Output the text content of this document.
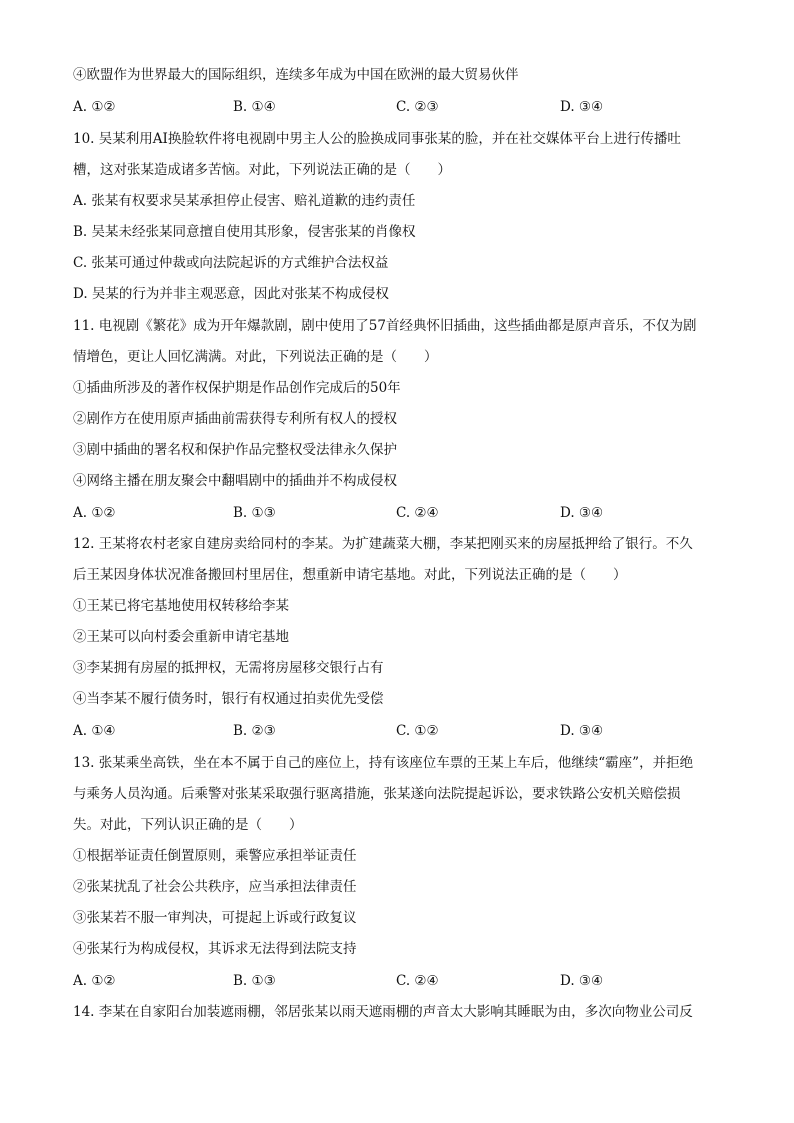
④欧盟作为世界最大的国际组织，连续多年成为中国在欧洲的最大贸易伙伴
A. ①②	B. ①④	C. ②③	D. ③④
10. 吴某利用AI换脸软件将电视剧中男主人公的脸换成同事张某的脸，并在社交媒体平台上进行传播吐
槽，这对张某造成诸多苦恼。对此，下列说法正确的是（　　）
A. 张某有权要求吴某承担停止侵害、赔礼道歉的违约责任
B. 吴某未经张某同意擅自使用其形象，侵害张某的肖像权
C. 张某可通过仲裁或向法院起诉的方式维护合法权益
D. 吴某的行为并非主观恶意，因此对张某不构成侵权
11. 电视剧《繁花》成为开年爆款剧，剧中使用了57首经典怀旧插曲，这些插曲都是原声音乐，不仅为剧
情增色，更让人回忆满满。对此，下列说法正确的是（　　）
①插曲所涉及的著作权保护期是作品创作完成后的50年
②剧作方在使用原声插曲前需获得专利所有权人的授权
③剧中插曲的署名权和保护作品完整权受法律永久保护
④网络主播在朋友聚会中翻唱剧中的插曲并不构成侵权
A. ①②	B. ①③	C. ②④	D. ③④
12. 王某将农村老家自建房卖给同村的李某。为扩建蔬菜大棚，李某把刚买来的房屋抵押给了银行。不久
后王某因身体状况准备搬回村里居住，想重新申请宅基地。对此，下列说法正确的是（　　）
①王某已将宅基地使用权转移给李某
②王某可以向村委会重新申请宅基地
③李某拥有房屋的抵押权，无需将房屋移交银行占有
④当李某不履行债务时，银行有权通过拍卖优先受偿
A. ①④	B. ②③	C. ①②	D. ③④
13. 张某乘坐高铁，坐在本不属于自己的座位上，持有该座位车票的王某上车后，他继续“霸座”，并拒绝
与乘务人员沟通。后乘警对张某采取强行驱离措施，张某遂向法院提起诉讼，要求铁路公安机关赔偿损
失。对此，下列认识正确的是（　　）
①根据举证责任倒置原则，乘警应承担举证责任
②张某扰乱了社会公共秩序，应当承担法律责任
③张某若不服一审判决，可提起上诉或行政复议
④张某行为构成侵权，其诉求无法得到法院支持
A. ①②	B. ①③	C. ②④	D. ③④
14. 李某在自家阳台加装遮雨棚，邻居张某以雨天遮雨棚的声音太大影响其睡眠为由，多次向物业公司反
